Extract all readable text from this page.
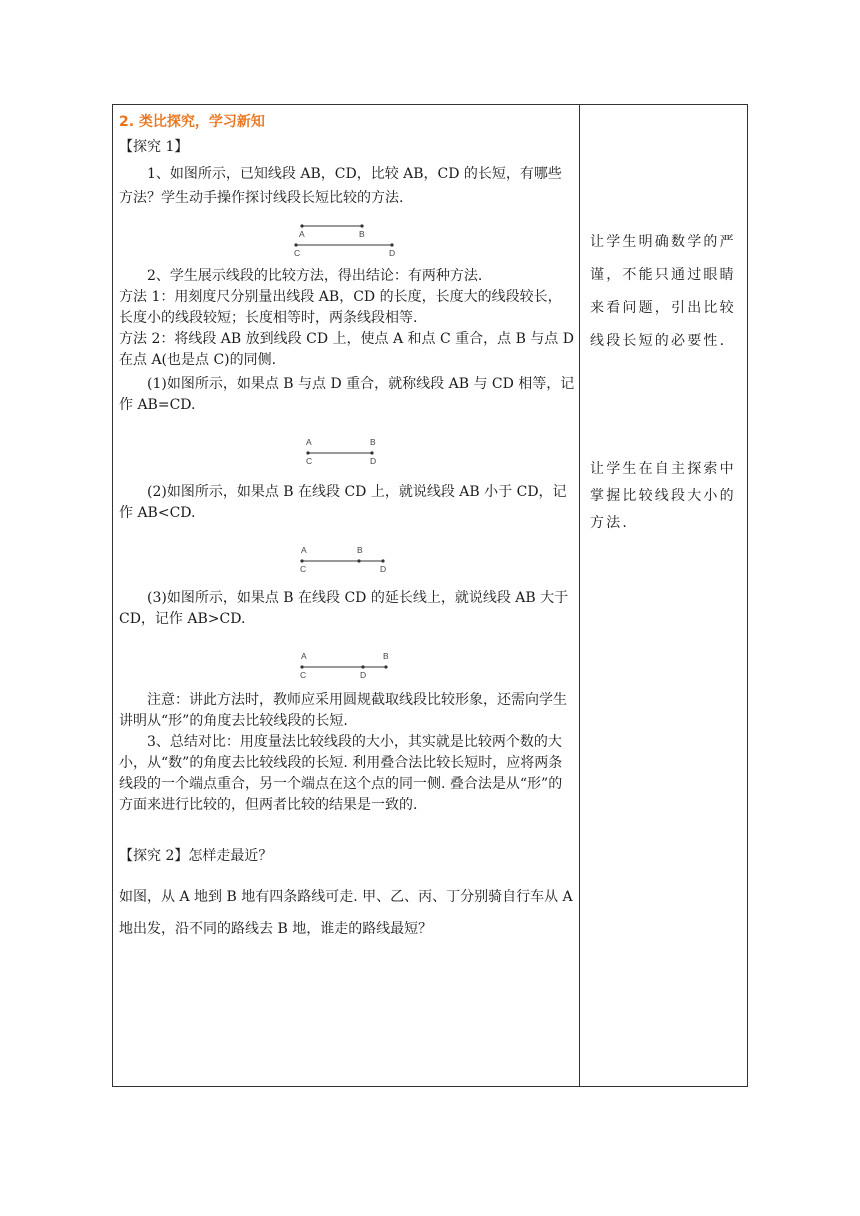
2. 类比探究，学习新知

【探究 1】

1、如图所示，已知线段 AB，CD，比较 AB，CD 的长短，有哪些方法？学生动手操作探讨线段长短比较的方法.

A	B
C	D

2、学生展示线段的比较方法，得出结论：有两种方法.

方法 1：用刻度尺分别量出线段 AB，CD 的长度，长度大的线段较长，长度小的线段较短；长度相等时，两条线段相等.

方法 2：将线段 AB 放到线段 CD 上，使点 A 和点 C 重合，点 B 与点 D 在点 A(也是点 C)的同侧.

(1)如图所示，如果点 B 与点 D 重合，就称线段 AB 与 CD 相等，记作 AB=CD.

A	B
C	D

(2)如图所示，如果点 B 在线段 CD 上，就说线段 AB 小于 CD，记作 AB<CD.

A	B
C	D

(3)如图所示，如果点 B 在线段 CD 的延长线上，就说线段 AB 大于 CD，记作 AB>CD.

A	B
C	D

注意：讲此方法时，教师应采用圆规截取线段比较形象，还需向学生讲明从“形”的角度去比较线段的长短.

3、总结对比：用度量法比较线段的大小，其实就是比较两个数的大小，从“数”的角度去比较线段的长短. 利用叠合法比较长短时，应将两条线段的一个端点重合，另一个端点在这个点的同一侧. 叠合法是从“形”的方面来进行比较的，但两者比较的结果是一致的.

【探究 2】怎样走最近？

如图，从 A 地到 B 地有四条路线可走. 甲、乙、丙、丁分别骑自行车从 A 地出发，沿不同的路线去 B 地，谁走的路线最短？

让学生明确数学的严谨，不能只通过眼睛来看问题，引出比较线段长短的必要性.
让学生在自主探索中掌握比较线段大小的方法.
